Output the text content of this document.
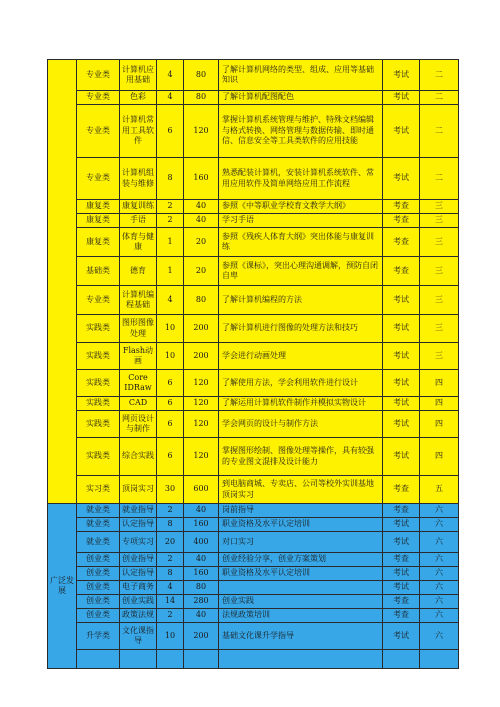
	专业类	计算机应用基础	4	80	了解计算机网络的类型、组成、应用等基础知识	考试	二
	专业类	色彩	4	80	了解计算机配图配色	考试	二
	专业类	计算机常用工具软件	6	120	掌握计算机系统管理与维护、特殊文档编辑与格式转换、网络管理与数据传输、即时通信、信息安全等工具类软件的应用技能	考试	二
	专业类	计算机组装与维修	8	160	熟悉配装计算机，安装计算机系统软件、常用应用软件及简单网络应用工作流程	考试	二
	康复类	康复训练	2	40	参照《中等职业学校育文教学大纲》	考查	三
	康复类	手语	2	40	学习手语	考查	三
	康复类	体育与健康	1	20	参照《残疾人体育大纲》突出体能与康复训练	考查	三
	基础类	德育	1	20	参照《课标》，突出心理沟通调解，预防自闭自卑	考查	三
	专业类	计算机编程基础	4	80	了解计算机编程的方法	考试	三
	实践类	图形图像处理	10	200	了解计算机进行图像的处理方法和技巧	考试	三
	实践类	Flash动画	10	200	学会进行动画处理	考试	三
	实践类	Core IDRaw	6	120	了解使用方法，学会利用软件进行设计	考试	四
	实践类	CAD	6	120	了解运用计算机软件制作并模拟实物设计	考试	四
	实践类	网页设计与制作	6	120	学会网页的设计与制作方法	考试	四
	实践类	综合实践	6	120	掌握图形绘制、图像处理等操作，具有较强的专业图文混排及设计能力	考试	四
	实习类	顶岗实习	30	600	到电脑商城、专卖店、公司等校外实训基地顶岗实习	考查	五
广泛发展	就业类	就业指导	2	40	岗前指导	考查	六
	就业类	认定指导	8	160	职业资格及水平认定培训	考试	六
	就业类	专项实习	20	400	对口实习	考试	六
	创业类	创业指导	2	40	创业经验分享，创业方案策划	考查	六
	创业类	认定指导	8	160	职业资格及水平认定培训	考试	六
	创业类	电子商务	4	80		考试	六
	创业类	创业实践	14	280	创业实践	考查	六
	创业类	政策法规	2	40	法规政策培训	考查	六
	升学类	文化课指导	10	200	基础文化课升学指导	考试	六
